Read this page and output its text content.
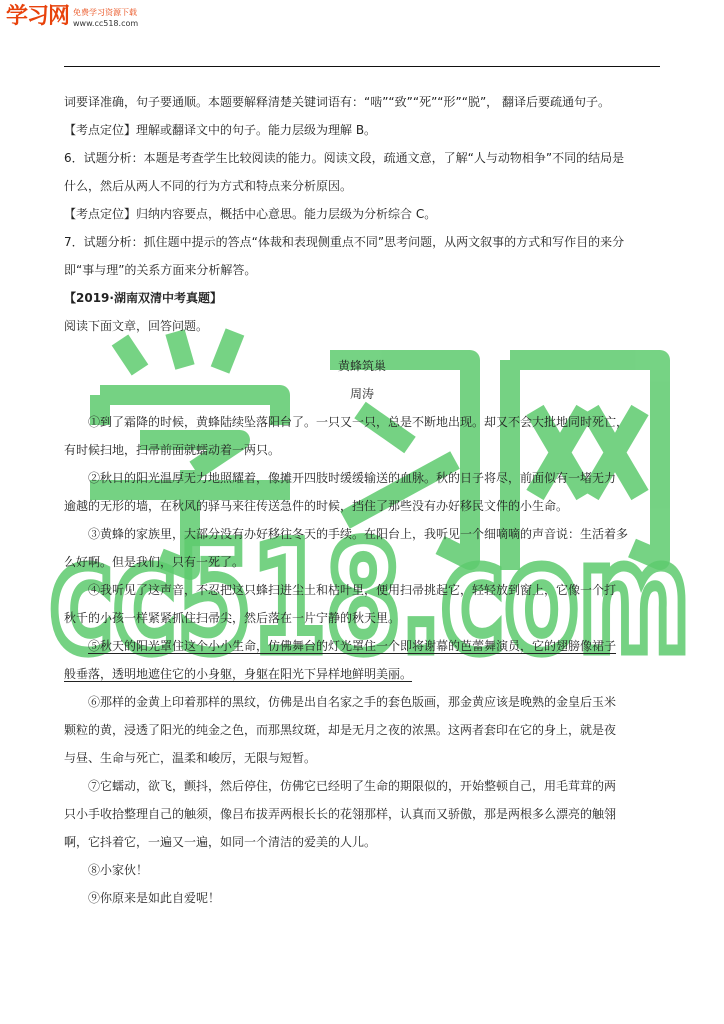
学习网 免费学习资源下载
www.cc518.com
cc518.com

词要译准确，句子要通顺。本题要解释清楚关键词语有：“啮”“致”“死”“形”“脱”， 翻译后要疏通句子。

【考点定位】理解或翻译文中的句子。能力层级为理解 B。

6．试题分析：本题是考查学生比较阅读的能力。阅读文段，疏通文意，了解“人与动物相争”不同的结局是

什么，然后从两人不同的行为方式和特点来分析原因。

【考点定位】归纳内容要点，概括中心意思。能力层级为分析综合 C。

7．试题分析：抓住题中提示的答点“体裁和表现侧重点不同”思考问题，从两文叙事的方式和写作目的来分

即“事与理”的关系方面来分析解答。

【2019·湖南双清中考真题】

阅读下面文章，回答问题。

黄蜂筑巢

周涛

①到了霜降的时候，黄蜂陆续坠落阳台了。一只又一只，总是不断地出现。却又不会大批地同时死亡，

有时候扫地，扫帚前面就蠕动着一两只。

②秋日的阳光温厚无力地照耀着，像摊开四肢时缓缓输送的血脉。秋的日子将尽，前面似有一堵无力

逾越的无形的墙，在秋风的驿马来往传送急件的时候，挡住了那些没有办好移民文件的小生命。

③黄蜂的家族里，大部分没有办好移往冬天的手续。在阳台上，我听见一个细嘀嘀的声音说：生活着多

么好啊。但是我们，只有一死了。

④我听见了这声音，不忍把这只蜂扫进尘土和枯叶里，便用扫帚挑起它，轻轻放到窗上，它像一个打

秋千的小孩一样紧紧抓住扫帚尖，然后落在一片宁静的秋天里。

⑤秋天的阳光罩住这个小小生命，仿佛舞台的灯光罩住一个即将谢幕的芭蕾舞演员，它的翅膀像裙子

般垂落，透明地遮住它的小身躯，身躯在阳光下异样地鲜明美丽。

⑥那样的金黄上印着那样的黑纹，仿佛是出自名家之手的套色版画，那金黄应该是晚熟的金皇后玉米

颗粒的黄，浸透了阳光的纯金之色，而那黑纹斑，却是无月之夜的浓黑。这两者套印在它的身上，就是夜

与昼、生命与死亡，温柔和峻厉，无限与短暂。

⑦它蠕动，欲飞，颤抖，然后停住，仿佛它已经明了生命的期限似的，开始整顿自己，用毛茸茸的两

只小手收拾整理自己的触须，像吕布拔弄两根长长的花翎那样，认真而又骄傲，那是两根多么漂亮的触翎

啊，它抖着它，一遍又一遍，如同一个清洁的爱美的人儿。

⑧小家伙！

⑨你原来是如此自爱呢！
